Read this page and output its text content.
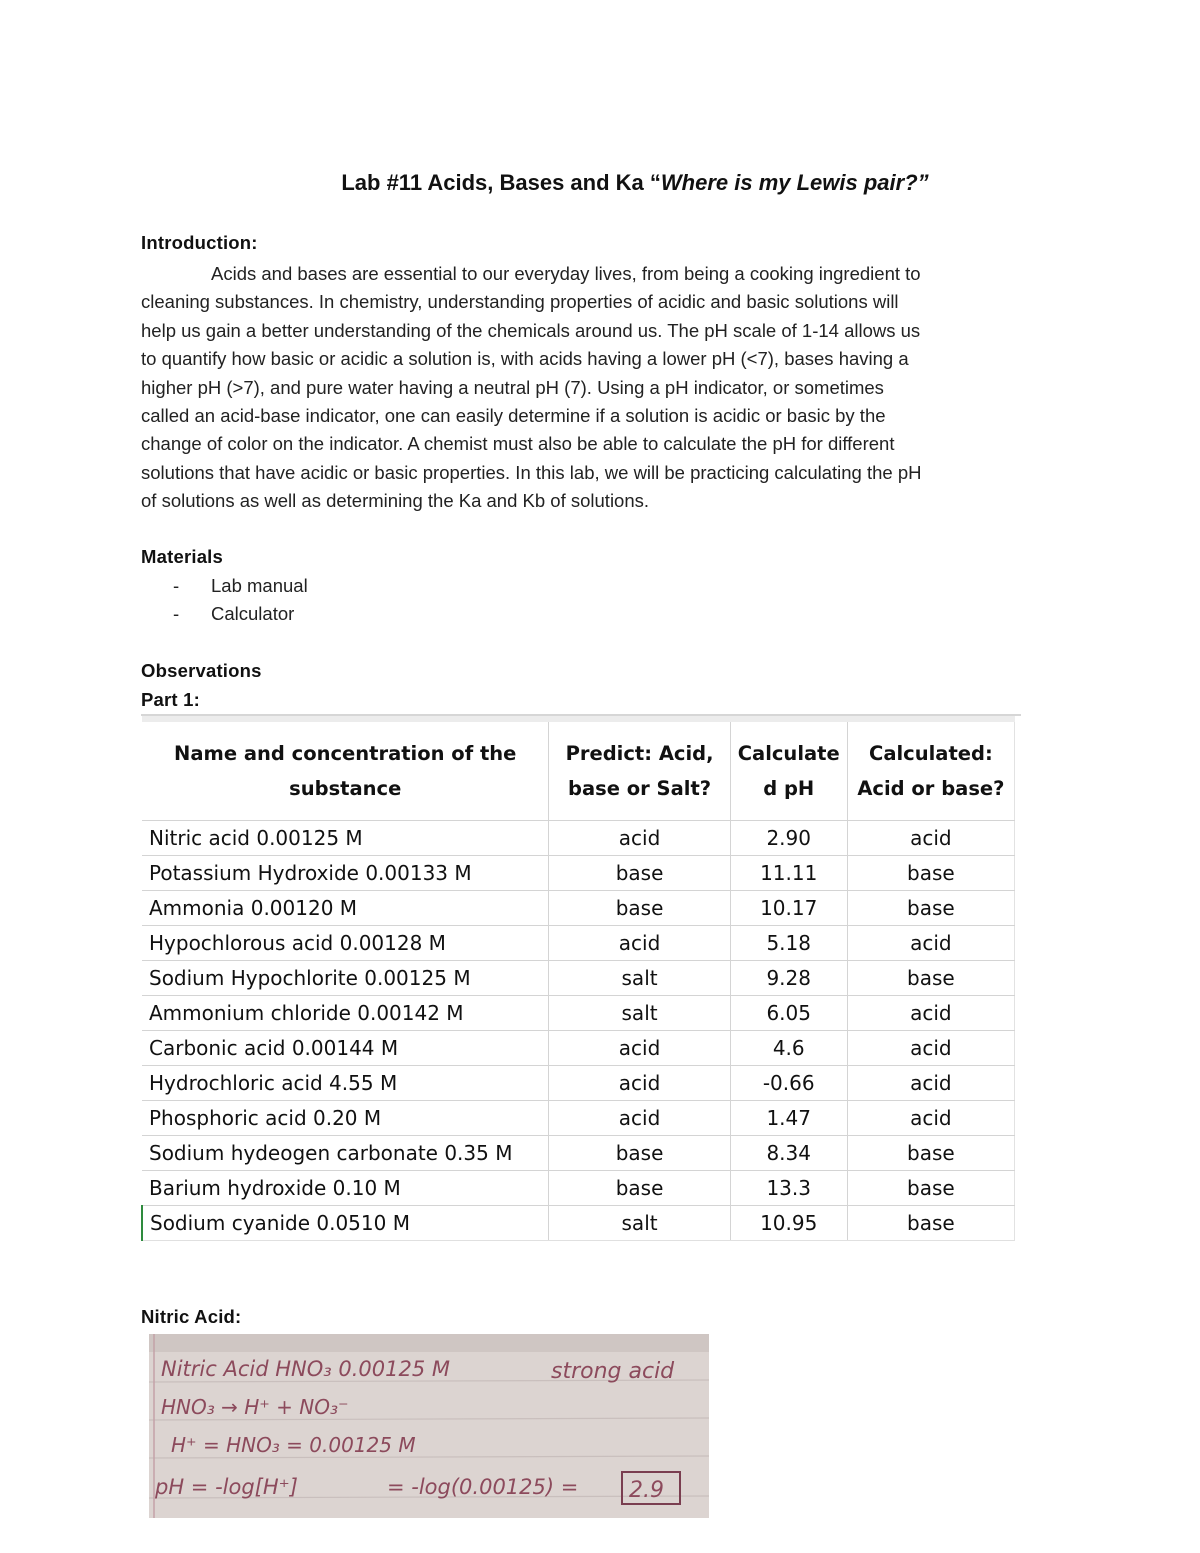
Lab #11 Acids, Bases and Ka “Where is my Lewis pair?”
Introduction:
Acids and bases are essential to our everyday lives, from being a cooking ingredient to
cleaning substances. In chemistry, understanding properties of acidic and basic solutions will
help us gain a better understanding of the chemicals around us. The pH scale of 1-14 allows us
to quantify how basic or acidic a solution is, with acids having a lower pH (<7), bases having a
higher pH (>7), and pure water having a neutral pH (7). Using a pH indicator, or sometimes
called an acid-base indicator, one can easily determine if a solution is acidic or basic by the
change of color on the indicator. A chemist must also be able to calculate the pH for different
solutions that have acidic or basic properties. In this lab, we will be practicing calculating the pH
of solutions as well as determining the Ka and Kb of solutions.
Materials
- Lab manual
- Calculator
Observations
Part 1:
Name and concentration of the
substance	Predict: Acid,
base or Salt?	Calculate
d pH	Calculated:
Acid or base?
Nitric acid 0.00125 M	acid	2.90	acid
Potassium Hydroxide 0.00133 M	base	11.11	base
Ammonia 0.00120 M	base	10.17	base
Hypochlorous acid 0.00128 M	acid	5.18	acid
Sodium Hypochlorite 0.00125 M	salt	9.28	base
Ammonium chloride 0.00142 M	salt	6.05	acid
Carbonic acid 0.00144 M	acid	4.6	acid
Hydrochloric acid 4.55 M	acid	-0.66	acid
Phosphoric acid 0.20 M	acid	1.47	acid
Sodium hydeogen carbonate 0.35 M	base	8.34	base
Barium hydroxide 0.10 M	base	13.3	base
Sodium cyanide 0.0510 M	salt	10.95	base
Nitric Acid:
Nitric Acid HNO₃ 0.00125 M	strong acid
HNO₃ → H⁺ + NO₃⁻
H⁺ = HNO₃ = 0.00125 M
pH = -log[H⁺]	= -log(0.00125) = 2.9
